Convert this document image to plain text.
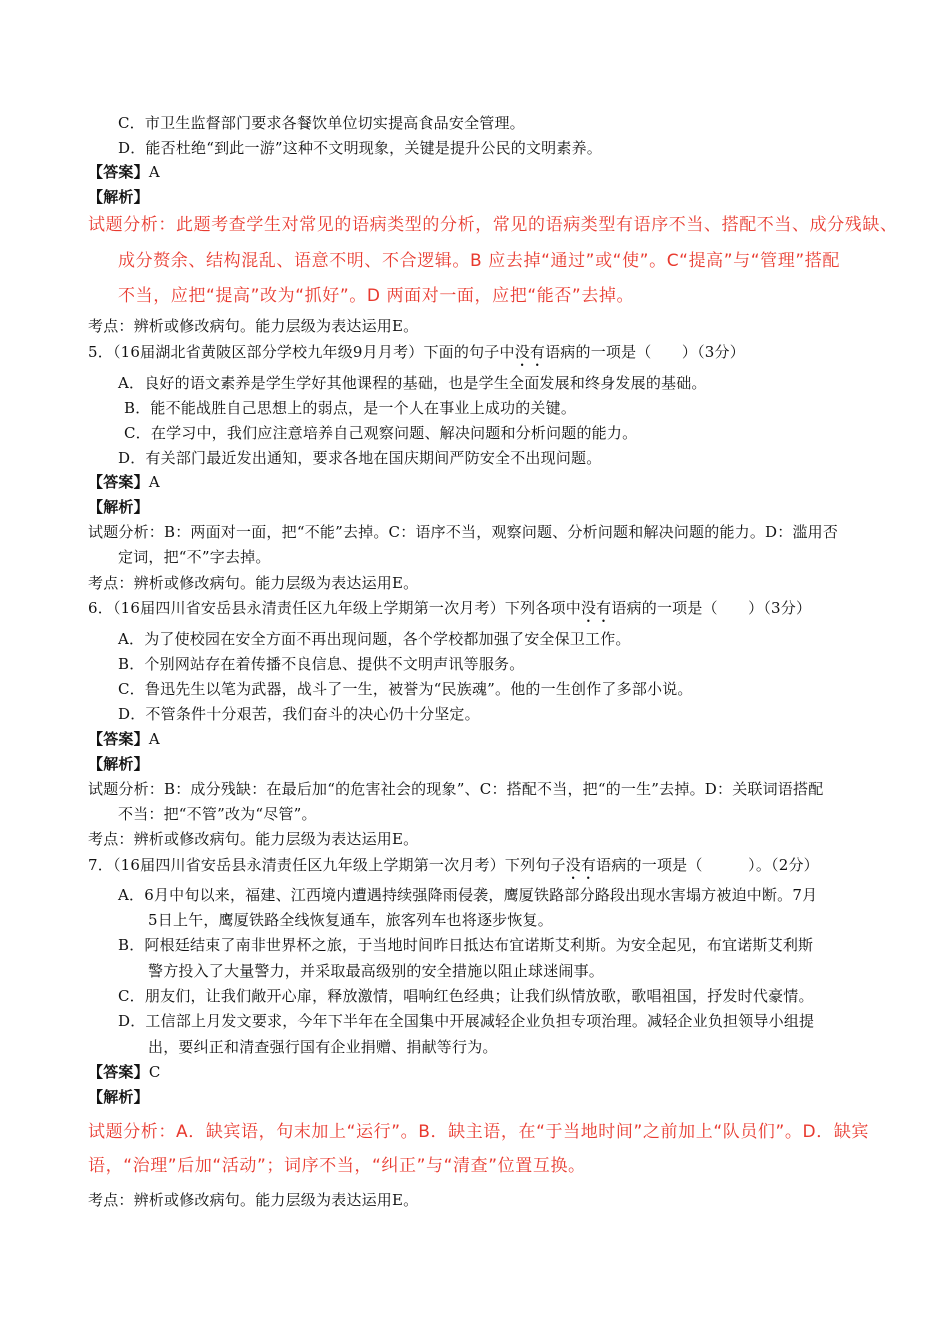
C．市卫生监督部门要求各餐饮单位切实提高食品安全管理。
D．能否杜绝“到此一游”这种不文明现象，关键是提升公民的文明素养。
【答案】A
【解析】
试题分析：此题考查学生对常见的语病类型的分析，常见的语病类型有语序不当、搭配不当、成分残缺、
成分赘余、结构混乱、语意不明、不合逻辑。B 应去掉“通过”或“使”。C“提高”与“管理”搭配
不当，应把“提高”改为“抓好”。D 两面对一面，应把“能否”去掉。
考点：辨析或修改病句。能力层级为表达运用E。
5．（16届湖北省黄陂区部分学校九年级9月月考）下面的句子中没有语病的一项是（　　）（3分）
A．良好的语文素养是学生学好其他课程的基础，也是学生全面发展和终身发展的基础。
B．能不能战胜自己思想上的弱点，是一个人在事业上成功的关键。
C．在学习中，我们应注意培养自己观察问题、解决问题和分析问题的能力。
D．有关部门最近发出通知，要求各地在国庆期间严防安全不出现问题。
【答案】A
【解析】
试题分析：B：两面对一面，把“不能”去掉。C：语序不当，观察问题、分析问题和解决问题的能力。D：滥用否
定词，把“不”字去掉。
考点：辨析或修改病句。能力层级为表达运用E。
6．（16届四川省安岳县永清责任区九年级上学期第一次月考）下列各项中没有语病的一项是（　　）（3分）
A．为了使校园在安全方面不再出现问题，各个学校都加强了安全保卫工作。
B．个别网站存在着传播不良信息、提供不文明声讯等服务。
C．鲁迅先生以笔为武器，战斗了一生，被誉为“民族魂”。他的一生创作了多部小说。
D．不管条件十分艰苦，我们奋斗的决心仍十分坚定。
【答案】A
【解析】
试题分析：B：成分残缺：在最后加“的危害社会的现象”、C：搭配不当，把“的一生”去掉。D：关联词语搭配
不当：把“不管”改为“尽管”。
考点：辨析或修改病句。能力层级为表达运用E。
7．（16届四川省安岳县永清责任区九年级上学期第一次月考）下列句子没有语病的一项是（　　　）。（2分）
A．6月中旬以来，福建、江西境内遭遇持续强降雨侵袭，鹰厦铁路部分路段出现水害塌方被迫中断。7月
5日上午，鹰厦铁路全线恢复通车，旅客列车也将逐步恢复。
B．阿根廷结束了南非世界杯之旅，于当地时间昨日抵达布宜诺斯艾利斯。为安全起见，布宜诺斯艾利斯
警方投入了大量警力，并采取最高级别的安全措施以阻止球迷闹事。
C．朋友们，让我们敞开心扉，释放激情，唱响红色经典；让我们纵情放歌，歌唱祖国，抒发时代豪情。
D．工信部上月发文要求，今年下半年在全国集中开展减轻企业负担专项治理。减轻企业负担领导小组提
出，要纠正和清查强行国有企业捐赠、捐献等行为。
【答案】C
【解析】
试题分析：A．缺宾语，句末加上“运行”。B．缺主语，在“于当地时间”之前加上“队员们”。D．缺宾
语，“治理”后加“活动”；词序不当，“纠正”与“清查”位置互换。
考点：辨析或修改病句。能力层级为表达运用E。
